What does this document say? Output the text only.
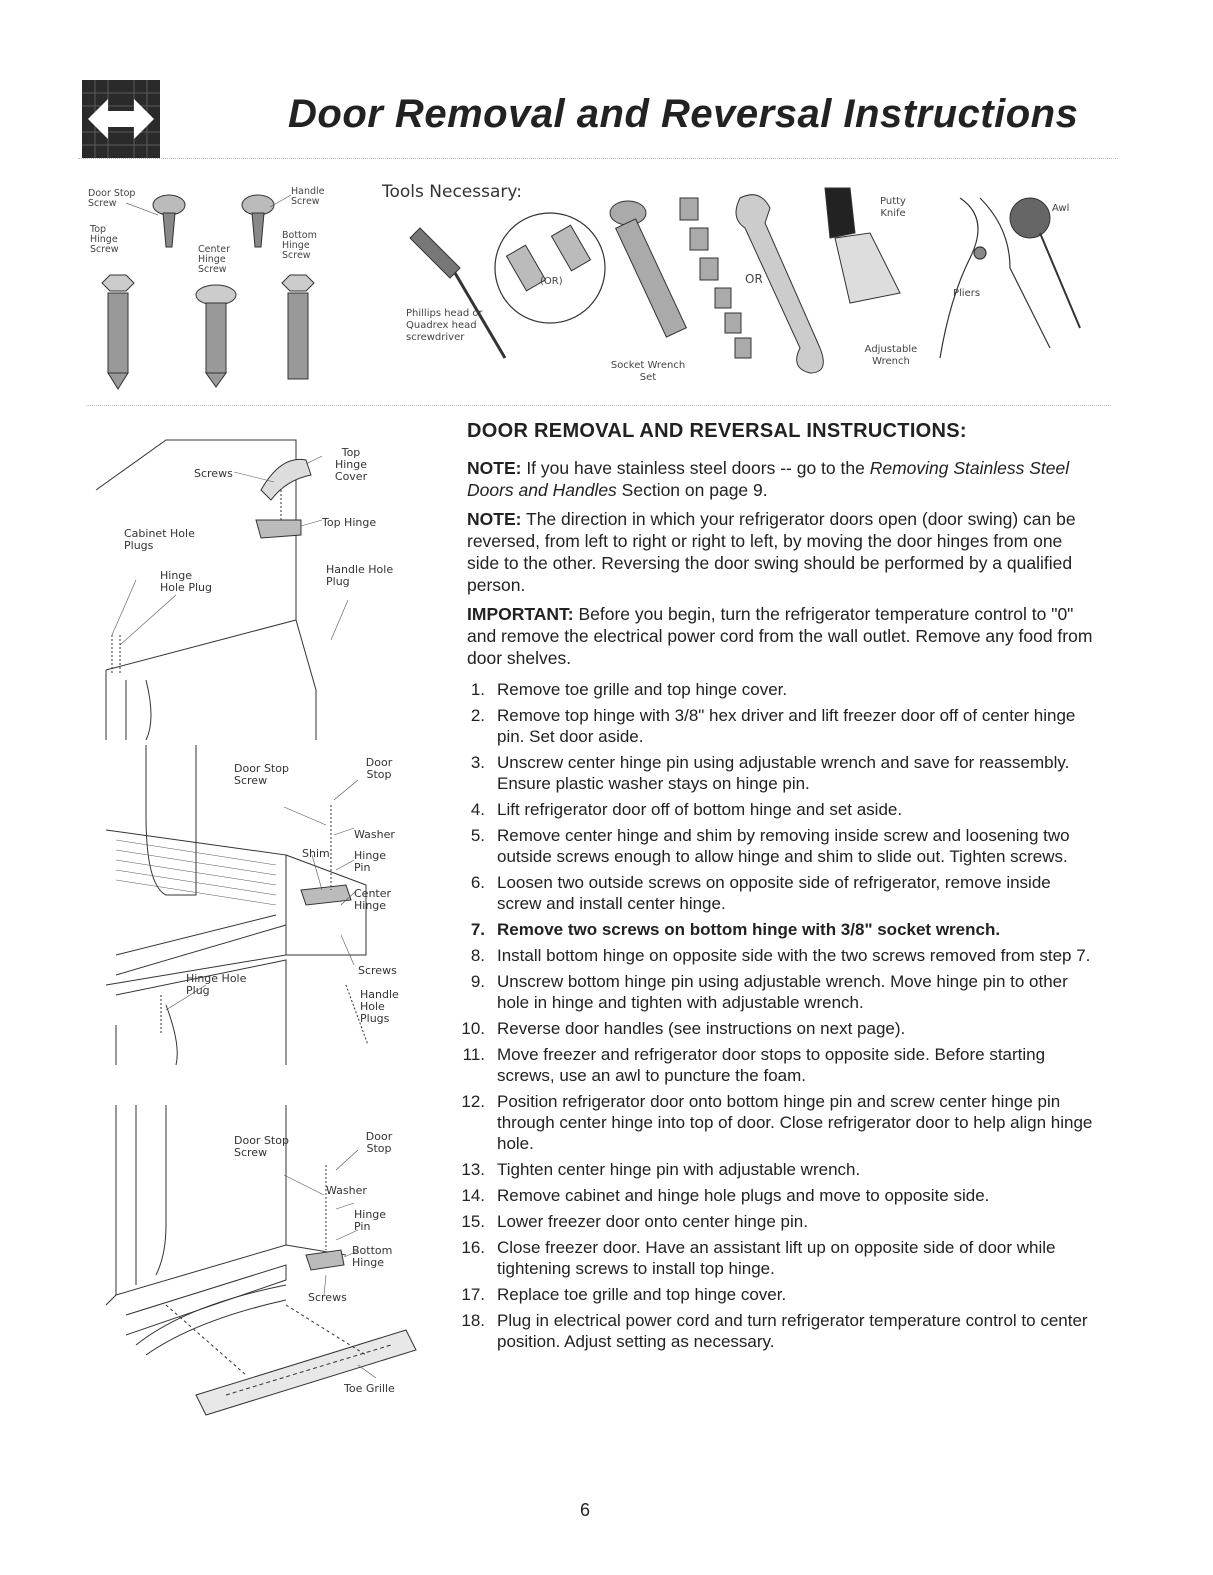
Door Removal and Reversal Instructions
Door Stop Screw
Handle Screw
Top Hinge Screw	Center Hinge Screw
Bottom Hinge Screw
Tools Necessary:
Phillips head or Quadrex head screwdriver
(OR)
Socket Wrench Set
OR
Adjustable Wrench
Putty Knife
Pliers
Awl
Screws
Top Hinge Cover
Cabinet Hole Plugs
Top Hinge
Hinge Hole Plug
Handle Hole Plug
Door Stop Screw
Door Stop
Washer
Shim Hinge Pin
Center Hinge
Screws
Hinge Hole Plug	Handle Hole Plugs
Door Stop Screw
Door Stop
Washer
Hinge Pin
Bottom Hinge
Screws
Toe Grille
DOOR REMOVAL AND REVERSAL INSTRUCTIONS:

NOTE: If you have stainless steel doors -- go to the Removing Stainless Steel Doors and Handles Section on page 9.

NOTE: The direction in which your refrigerator doors open (door swing) can be reversed, from left to right or right to left, by moving the door hinges from one side to the other. Reversing the door swing should be performed by a qualified person.

IMPORTANT: Before you begin, turn the refrigerator temperature control to "0" and remove the electrical power cord from the wall outlet. Remove any food from door shelves.

1. Remove toe grille and top hinge cover.
2. Remove top hinge with 3/8" hex driver and lift freezer door off of center hinge pin. Set door aside.
3. Unscrew center hinge pin using adjustable wrench and save for reassembly. Ensure plastic washer stays on hinge pin.
4. Lift refrigerator door off of bottom hinge and set aside.
5. Remove center hinge and shim by removing inside screw and loosening two outside screws enough to allow hinge and shim to slide out. Tighten screws.
6. Loosen two outside screws on opposite side of refrigerator, remove inside screw and install center hinge.
7. Remove two screws on bottom hinge with 3/8" socket wrench.
8. Install bottom hinge on opposite side with the two screws removed from step 7.
9. Unscrew bottom hinge pin using adjustable wrench. Move hinge pin to other hole in hinge and tighten with adjustable wrench.
10. Reverse door handles (see instructions on next page).
11. Move freezer and refrigerator door stops to opposite side. Before starting screws, use an awl to puncture the foam.
12. Position refrigerator door onto bottom hinge pin and screw center hinge pin through center hinge into top of door. Close refrigerator door to help align hinge hole.
13. Tighten center hinge pin with adjustable wrench.
14. Remove cabinet and hinge hole plugs and move to opposite side.
15. Lower freezer door onto center hinge pin.
16. Close freezer door. Have an assistant lift up on opposite side of door while tightening screws to install top hinge.
17. Replace toe grille and top hinge cover.
18. Plug in electrical power cord and turn refrigerator temperature control to center position. Adjust setting as necessary.
6
